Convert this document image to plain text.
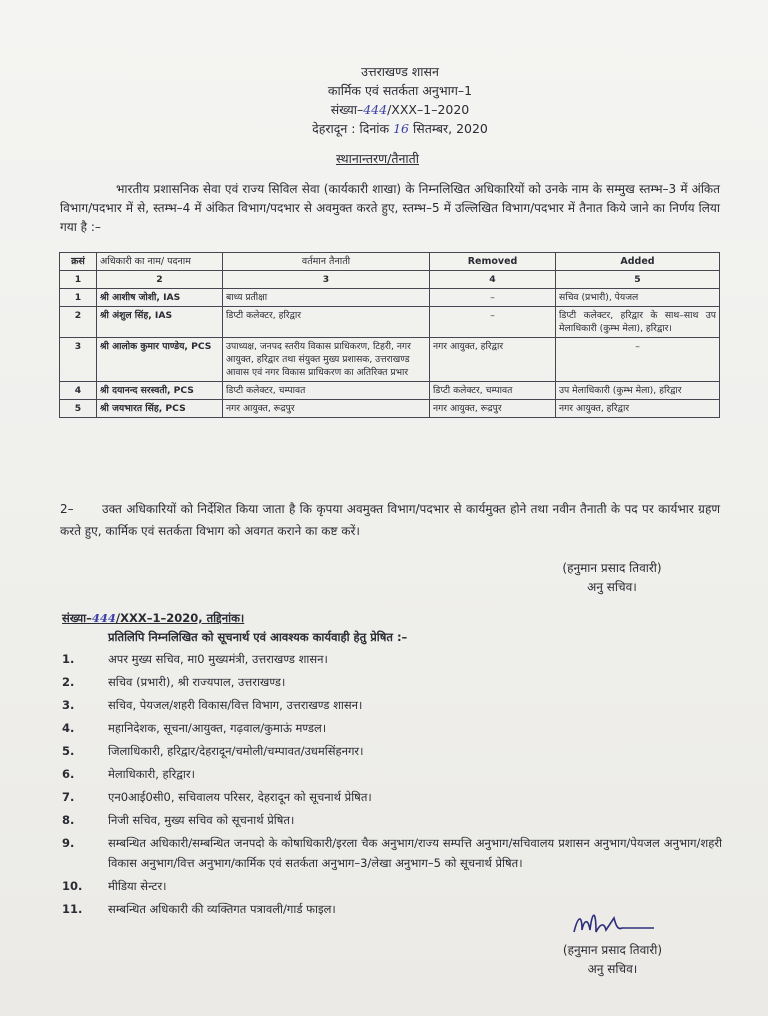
उत्तराखण्ड शासन
कार्मिक एवं सतर्कता अनुभाग–1
संख्या–444/XXX–1–2020
देहरादून : दिनांक 16 सितम्बर, 2020
स्थानान्तरण/तैनाती

भारतीय प्रशासनिक सेवा एवं राज्य सिविल सेवा (कार्यकारी शाखा) के निम्नलिखित अधिकारियों को उनके नाम के सम्मुख स्तम्भ–3 में अंकित विभाग/पदभार में से, स्तम्भ–4 में अंकित विभाग/पदभार से अवमुक्त करते हुए, स्तम्भ–5 में उल्लिखित विभाग/पदभार में तैनात किये जाने का निर्णय लिया गया है :–

क्रसं	अधिकारी का नाम/ पदनाम	वर्तमान तैनाती	Removed	Added
1	2	3	4	5
1	श्री आशीष जोशी, IAS	बाध्य प्रतीक्षा	–	सचिव (प्रभारी), पेयजल
2	श्री अंशुल सिंह, IAS	डिप्टी कलेक्टर, हरिद्वार	–	डिप्टी कलेक्टर, हरिद्वार के साथ–साथ उप मेलाधिकारी (कुम्भ मेला), हरिद्वार।
3	श्री आलोक कुमार पाण्डेय, PCS	उपाध्यक्ष, जनपद स्तरीय विकास प्राधिकरण, टिहरी, नगर आयुक्त, हरिद्वार तथा संयुक्त मुख्य प्रशासक, उत्तराखण्ड आवास एवं नगर विकास प्राधिकरण का अतिरिक्त प्रभार	नगर आयुक्त, हरिद्वार	–
4	श्री दयानन्द सरस्वती, PCS	डिप्टी कलेक्टर, चम्पावत	डिप्टी कलेक्टर, चम्पावत	उप मेलाधिकारी (कुम्भ मेला), हरिद्वार
5	श्री जयभारत सिंह, PCS	नगर आयुक्त, रूद्रपुर	नगर आयुक्त, रूद्रपुर	नगर आयुक्त, हरिद्वार
2– उक्त अधिकारियों को निर्देशित किया जाता है कि कृपया अवमुक्त विभाग/पदभार से कार्यमुक्त होने तथा नवीन तैनाती के पद पर कार्यभार ग्रहण करते हुए, कार्मिक एवं सतर्कता विभाग को अवगत कराने का कष्ट करें।
(हनुमान प्रसाद तिवारी)
अनु सचिव।
संख्या–444/XXX–1–2020, तद्दिनांक।
प्रतिलिपि निम्नलिखित को सूचनार्थ एवं आवश्यक कार्यवाही हेतु प्रेषित :–
1.	अपर मुख्य सचिव, मा0 मुख्यमंत्री, उत्तराखण्ड शासन।
2.	सचिव (प्रभारी), श्री राज्यपाल, उत्तराखण्ड।
3.	सचिव, पेयजल/शहरी विकास/वित्त विभाग, उत्तराखण्ड शासन।
4.	महानिदेशक, सूचना/आयुक्त, गढ़वाल/कुमाऊं मण्डल।
5.	जिलाधिकारी, हरिद्वार/देहरादून/चमोली/चम्पावत/उधमसिंहनगर।
6.	मेलाधिकारी, हरिद्वार।
7.	एन0आई0सी0, सचिवालय परिसर, देहरादून को सूचनार्थ प्रेषित।
8.	निजी सचिव, मुख्य सचिव को सूचनार्थ प्रेषित।
9.	सम्बन्धित अधिकारी/सम्बन्धित जनपदो के कोषाधिकारी/इरला चैक अनुभाग/राज्य सम्पत्ति अनुभाग/सचिवालय प्रशासन अनुभाग/पेयजल अनुभाग/शहरी विकास अनुभाग/वित्त अनुभाग/कार्मिक एवं सतर्कता अनुभाग–3/लेखा अनुभाग–5 को सूचनार्थ प्रेषित।
10.	मीडिया सेन्टर।
11.	सम्बन्धित अधिकारी की व्यक्तिगत पत्रावली/गार्ड फाइल।
(हनुमान प्रसाद तिवारी)
अनु सचिव।
